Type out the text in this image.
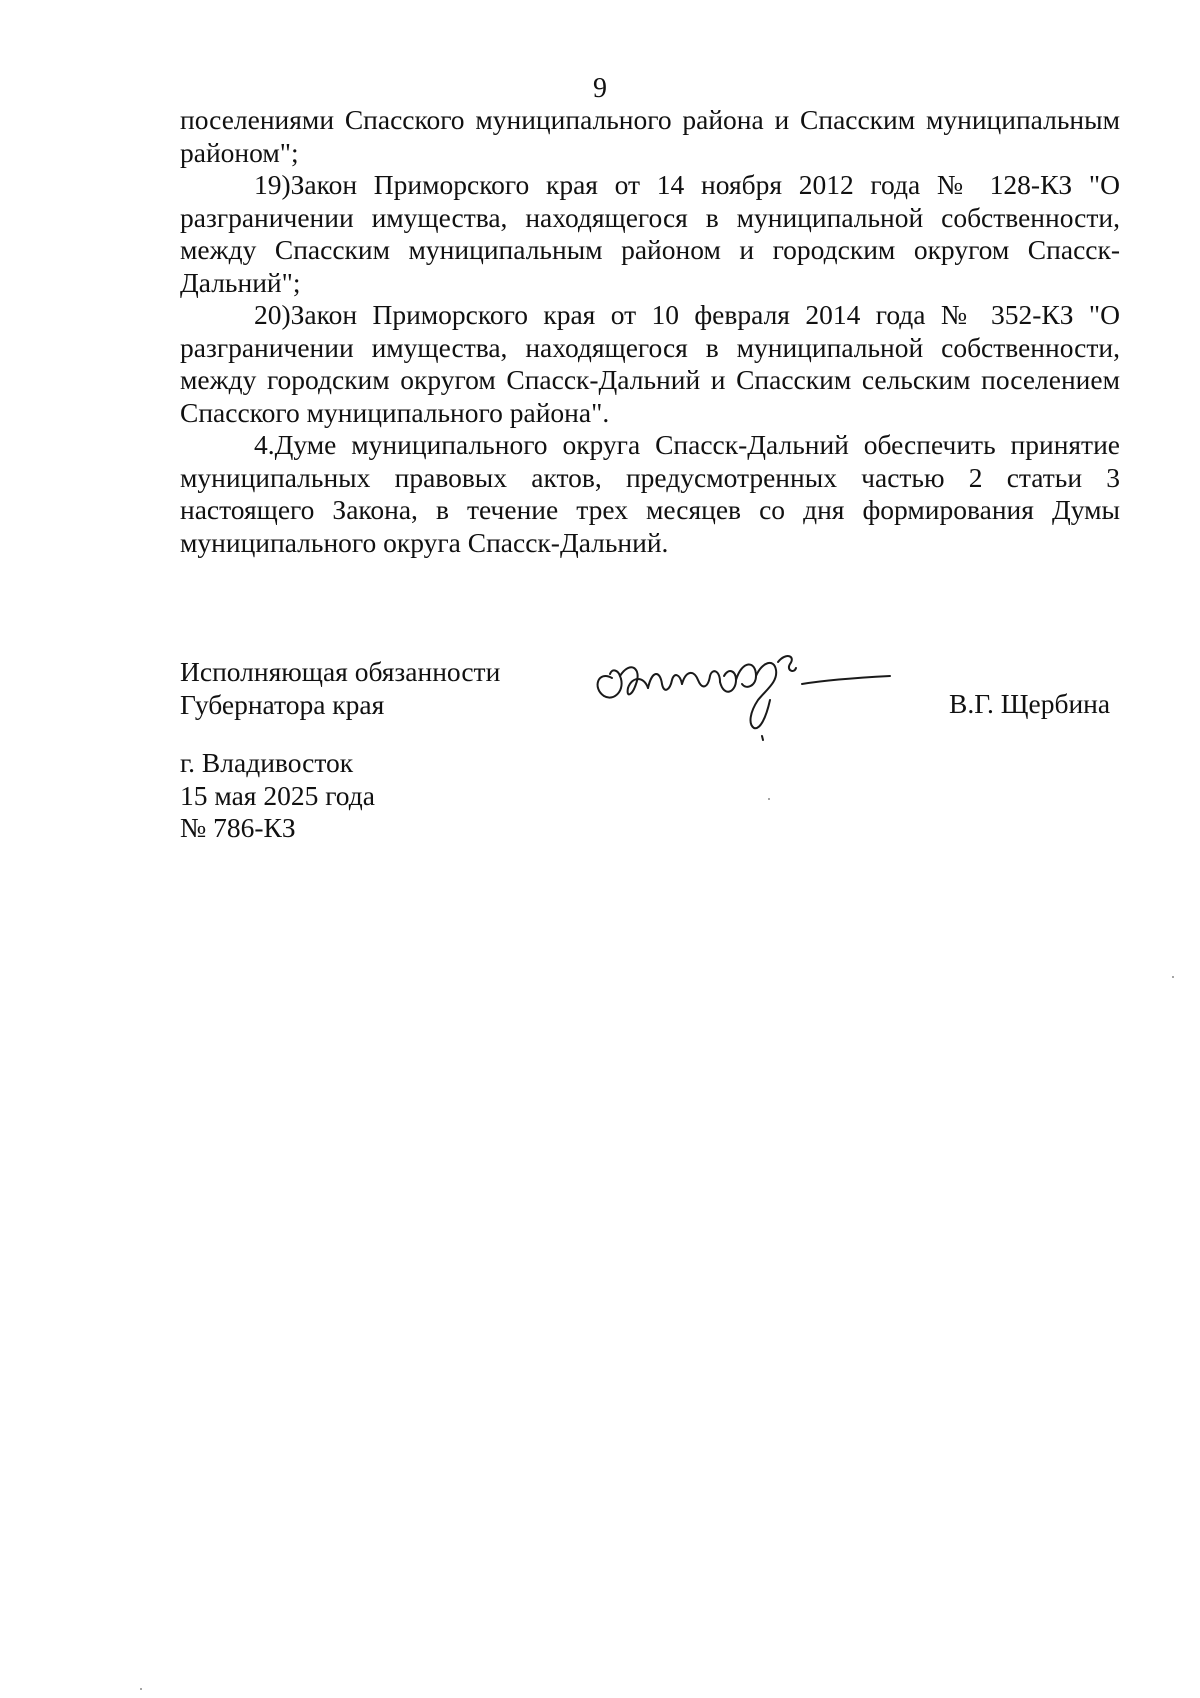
9

поселениями Спасского муниципального района и Спасским муниципальным районом";

19)Закон Приморского края от 14 ноября 2012 года № 128-КЗ "О разграничении имущества, находящегося в муниципальной собственности, между Спасским муниципальным районом и городским округом Спасск-Дальний";

20)Закон Приморского края от 10 февраля 2014 года № 352-КЗ "О разграничении имущества, находящегося в муниципальной собственности, между городским округом Спасск-Дальний и Спасским сельским поселением Спасского муниципального района".

4.Думе муниципального округа Спасск-Дальний обеспечить принятие муниципальных правовых актов, предусмотренных частью 2 статьи 3 настоящего Закона, в течение трех месяцев со дня формирования Думы муниципального округа Спасск-Дальний.

Исполняющая обязанности
Губернатора края	В.Г. Щербина
г. Владивосток
15 мая 2025 года
№ 786-КЗ
